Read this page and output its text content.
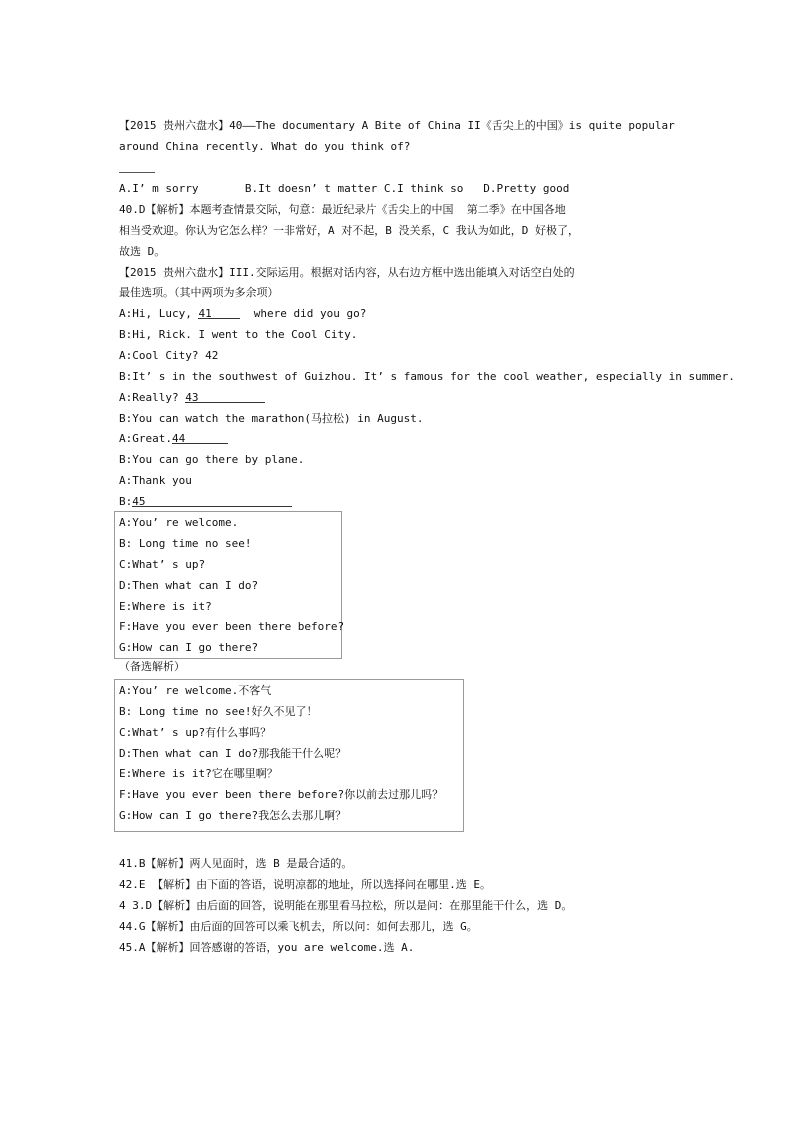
【2015 贵州六盘水】40——The documentary A Bite of China II《舌尖上的中国》is quite popular
around China recently. What do you think of?
A.I’ m sorry       B.It doesn’ t matter C.I think so   D.Pretty good
40.D【解析】本题考查情景交际，句意：最近纪录片《舌尖上的中国  第二季》在中国各地
相当受欢迎。你认为它怎么样？一非常好，A 对不起，B 没关系，C 我认为如此，D 好极了，
故选 D。
【2015 贵州六盘水】III.交际运用。根据对话内容，从右边方框中选出能填入对话空白处的
最佳选项。（其中两项为多余项）
A:Hi, Lucy, 41	where did you go?
B:Hi, Rick. I went to the Cool City.
A:Cool City? 42
B:It’ s in the southwest of Guizhou. It’ s famous for the cool weather, especially in summer.
A:Really? 43
B:You can watch the marathon(马拉松) in August.
A:Great.44
B:You can go there by plane.
A:Thank you
B:45
A:You’ re welcome.
B: Long time no see!
C:What’ s up?
D:Then what can I do?
E:Where is it?
F:Have you ever been there before?
G:How can I go there?
（备选解析）
A:You’ re welcome.不客气
B: Long time no see!好久不见了！
C:What’ s up?有什么事吗？
D:Then what can I do?那我能干什么呢？
E:Where is it?它在哪里啊？
F:Have you ever been there before?你以前去过那儿吗？
G:How can I go there?我怎么去那儿啊？
41.B【解析】两人见面时，选 B 是最合适的。
42.E 【解析】由下面的答语，说明凉都的地址，所以选择问在哪里.选 E。
4 3.D【解析】由后面的回答，说明能在那里看马拉松，所以是问：在那里能干什么，选 D。
44.G【解析】由后面的回答可以乘飞机去，所以问：如何去那儿，选 G。
45.A【解析】回答感谢的答语，you are welcome.选 A.
